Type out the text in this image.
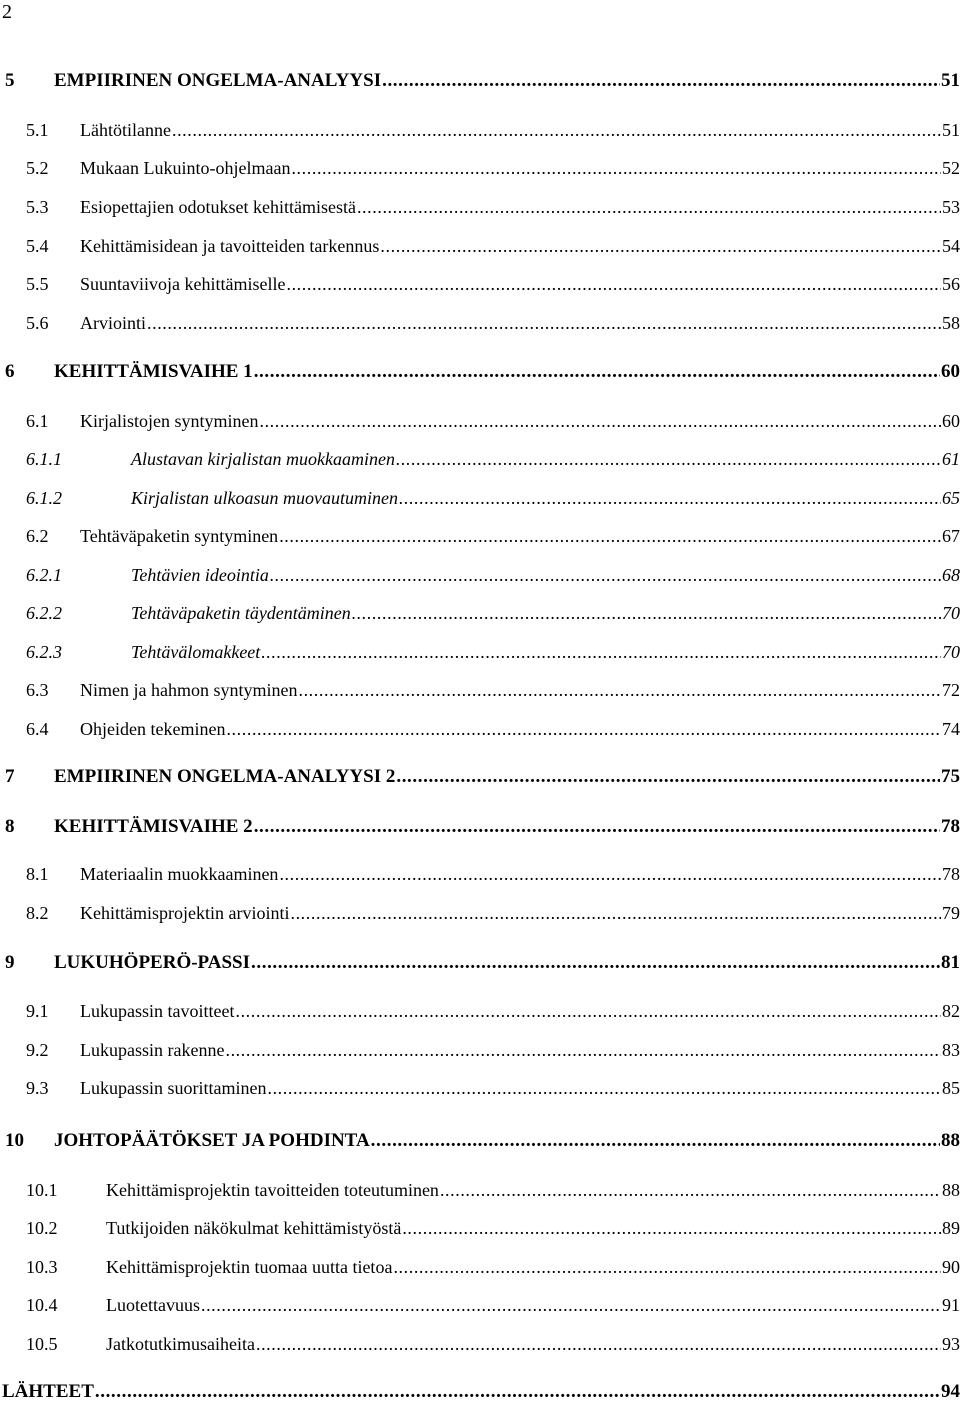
2
5	EMPIIRINEN ONGELMA-ANALYYSI .....	51
5.1	Lähtötilanne .....	51
5.2	Mukaan Lukuinto-ohjelmaan .....	52
5.3	Esiopettajien odotukset kehittämisestä .....	53
5.4	Kehittämisidean ja tavoitteiden tarkennus .....	54
5.5	Suuntaviivoja kehittämiselle .....	56
5.6	Arviointi .....	58
6	KEHITTÄMISVAIHE 1 .....	60
6.1	Kirjalistojen syntyminen .....	60
6.1.1	Alustavan kirjalistan muokkaaminen .....	61
6.1.2	Kirjalistan ulkoasun muovautuminen .....	65
6.2	Tehtäväpaketin syntyminen .....	67
6.2.1	Tehtävien ideointia .....	68
6.2.2	Tehtäväpaketin täydentäminen .....	70
6.2.3	Tehtävälomakkeet .....	70
6.3	Nimen ja hahmon syntyminen .....	72
6.4	Ohjeiden tekeminen .....	74
7	EMPIIRINEN ONGELMA-ANALYYSI 2 .....	75
8	KEHITTÄMISVAIHE 2 .....	78
8.1	Materiaalin muokkaaminen .....	78
8.2	Kehittämisprojektin arviointi .....	79
9	LUKUHÖPERÖ-PASSI .....	81
9.1	Lukupassin tavoitteet .....	82
9.2	Lukupassin rakenne .....	83
9.3	Lukupassin suorittaminen .....	85
10	JOHTOPÄÄTÖKSET JA POHDINTA .....	88
10.1	Kehittämisprojektin tavoitteiden toteutuminen .....	88
10.2	Tutkijoiden näkökulmat kehittämistyöstä .....	89
10.3	Kehittämisprojektin tuomaa uutta tietoa .....	90
10.4	Luotettavuus .....	91
10.5	Jatkotutkimusaiheita .....	93
LÄHTEET .....	94
